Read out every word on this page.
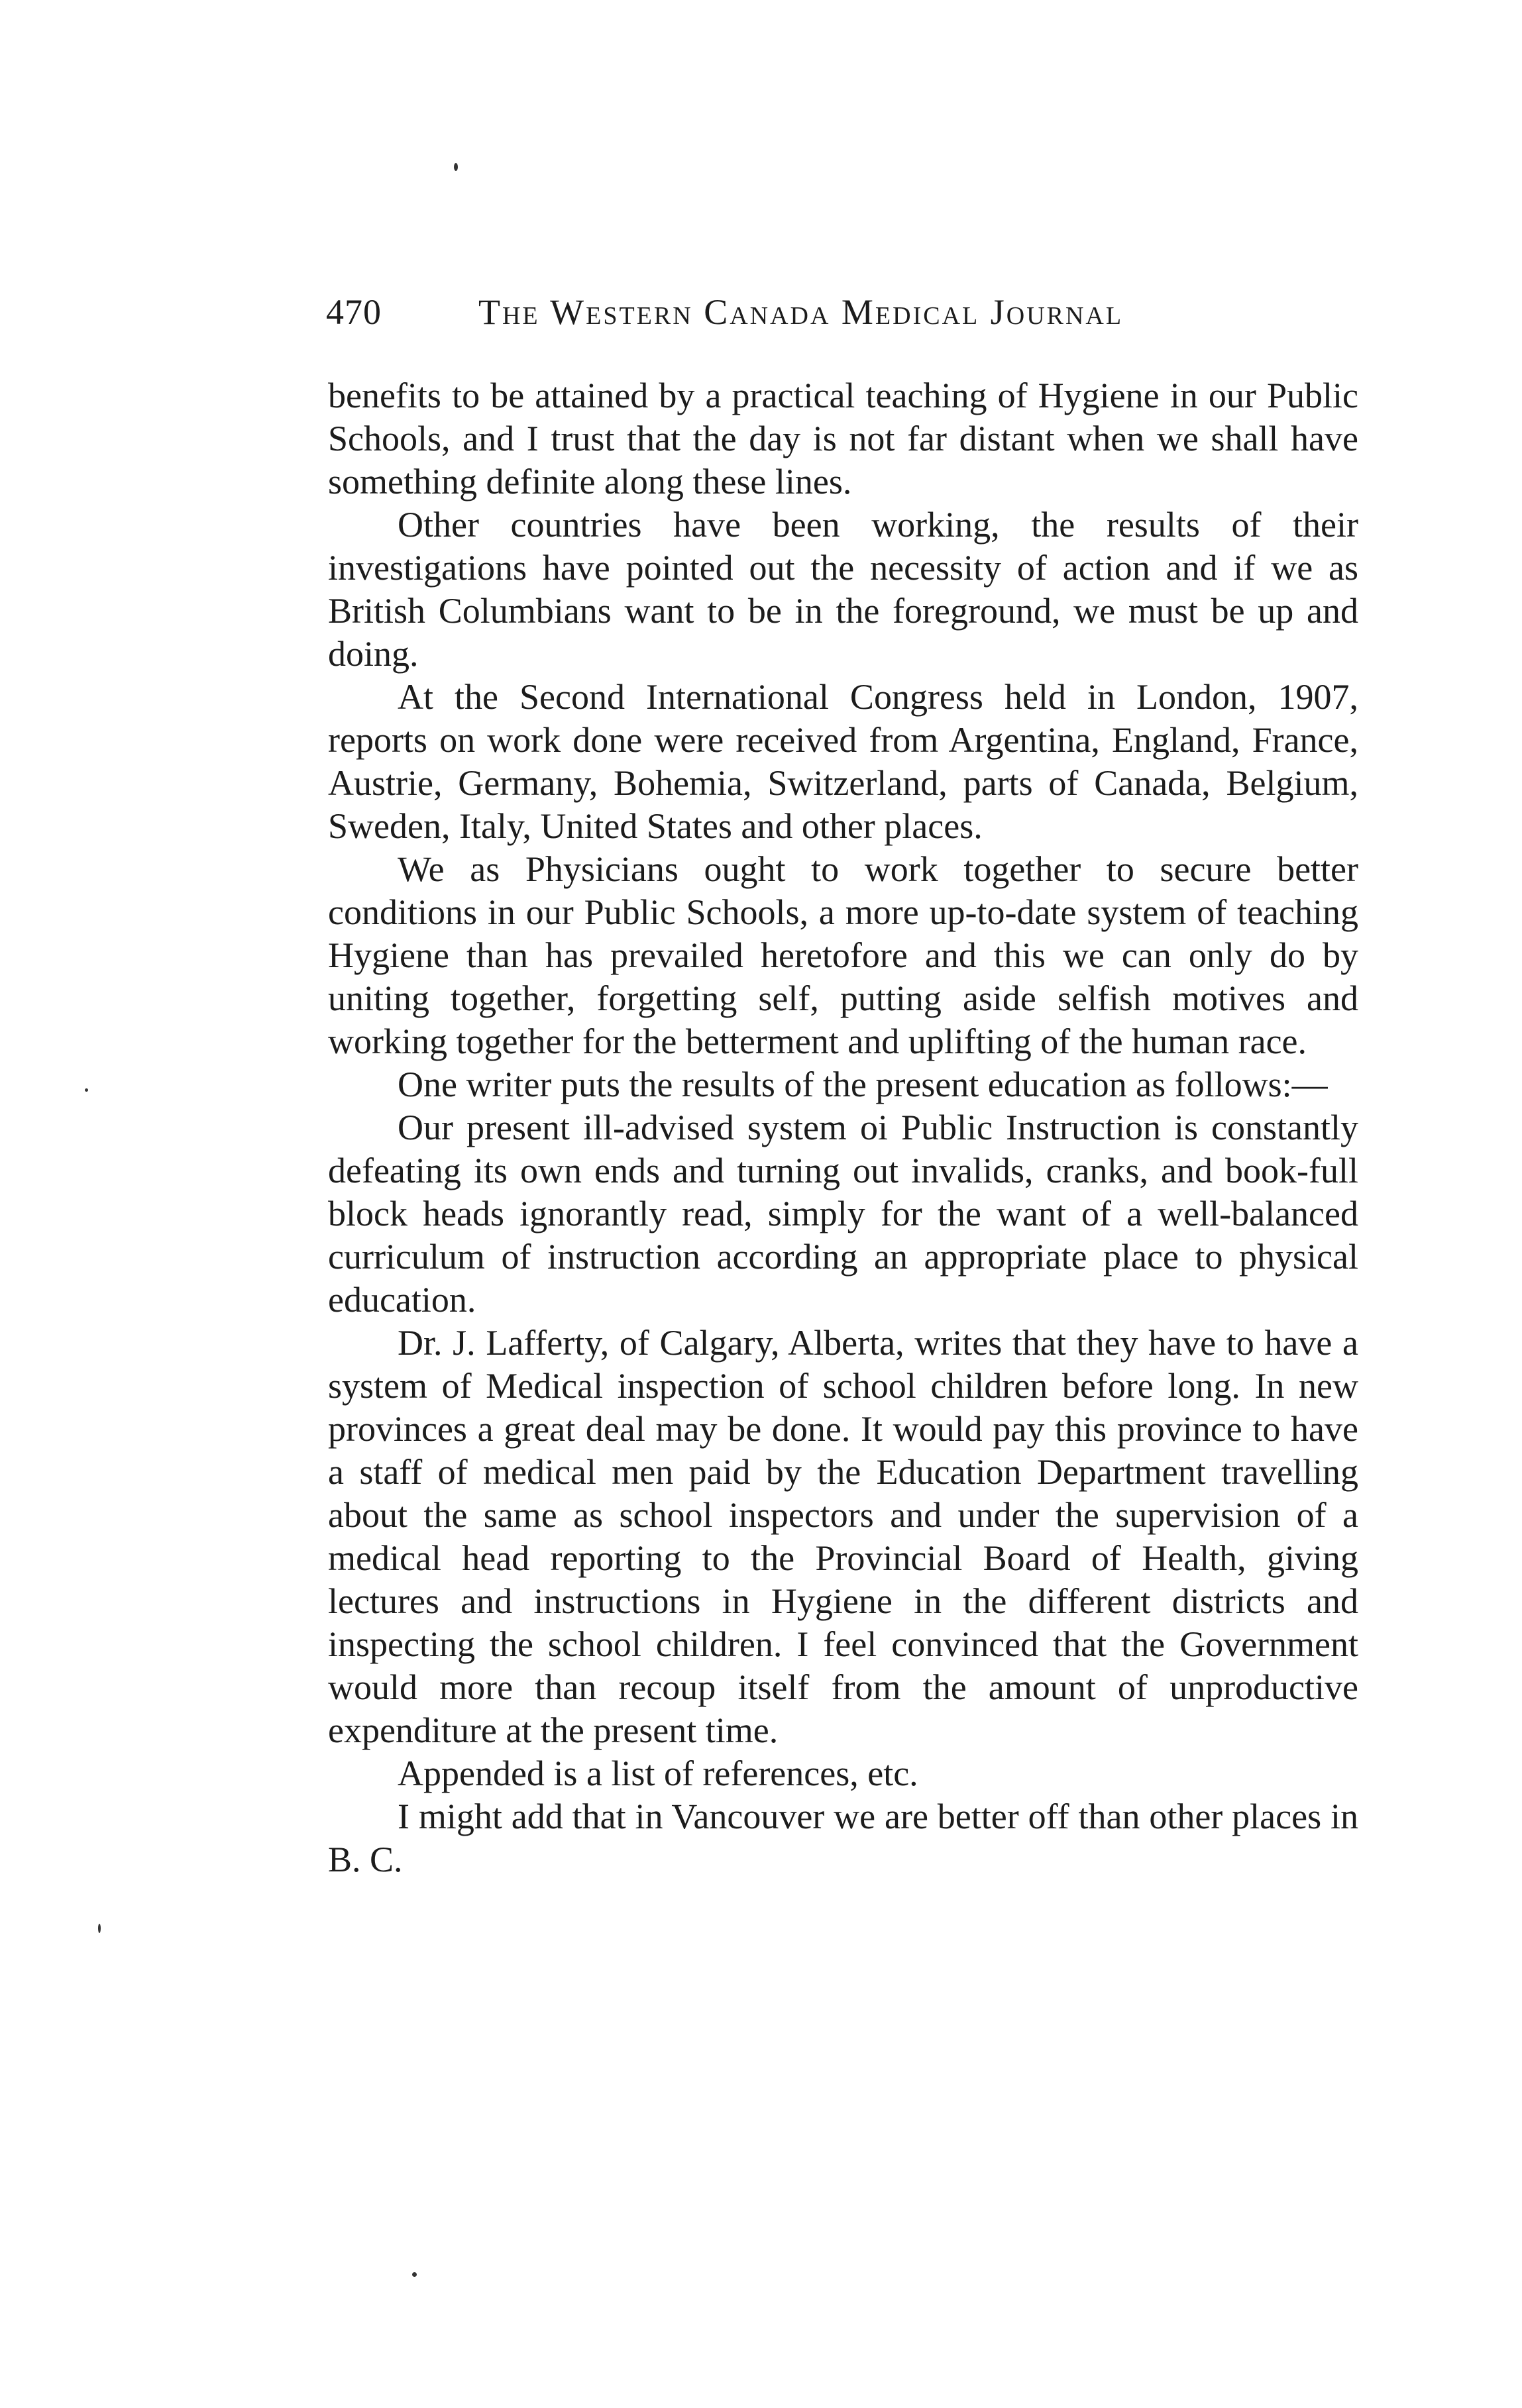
470	The Western Canada Medical Journal

benefits to be attained by a practical teaching of Hygiene in our Public Schools, and I trust that the day is not far distant when we shall have something definite along these lines.

Other countries have been working, the results of their investigations have pointed out the necessity of action and if we as British Columbians want to be in the foreground, we must be up and doing.

At the Second International Congress held in London, 1907, reports on work done were received from Argentina, England, France, Austrie, Germany, Bohemia, Switzerland, parts of Canada, Belgium, Sweden, Italy, United States and other places.

We as Physicians ought to work together to secure better conditions in our Public Schools, a more up-to-date system of teaching Hygiene than has prevailed heretofore and this we can only do by uniting together, forgetting self, putting aside selfish motives and working together for the betterment and uplifting of the human race.

One writer puts the results of the present education as follows:—

Our present ill-advised system oi Public Instruction is constantly defeating its own ends and turning out invalids, cranks, and book-full block heads ignorantly read, simply for the want of a well-balanced curriculum of instruction according an appropriate place to physical education.

Dr. J. Lafferty, of Calgary, Alberta, writes that they have to have a system of Medical inspection of school children before long. In new provinces a great deal may be done. It would pay this province to have a staff of medical men paid by the Education Department travelling about the same as school inspectors and under the supervision of a medical head reporting to the Provincial Board of Health, giving lectures and instructions in Hygiene in the different districts and inspecting the school children. I feel convinced that the Government would more than recoup itself from the amount of unproductive expenditure at the present time.

Appended is a list of references, etc.

I might add that in Vancouver we are better off than other places in B. C.
